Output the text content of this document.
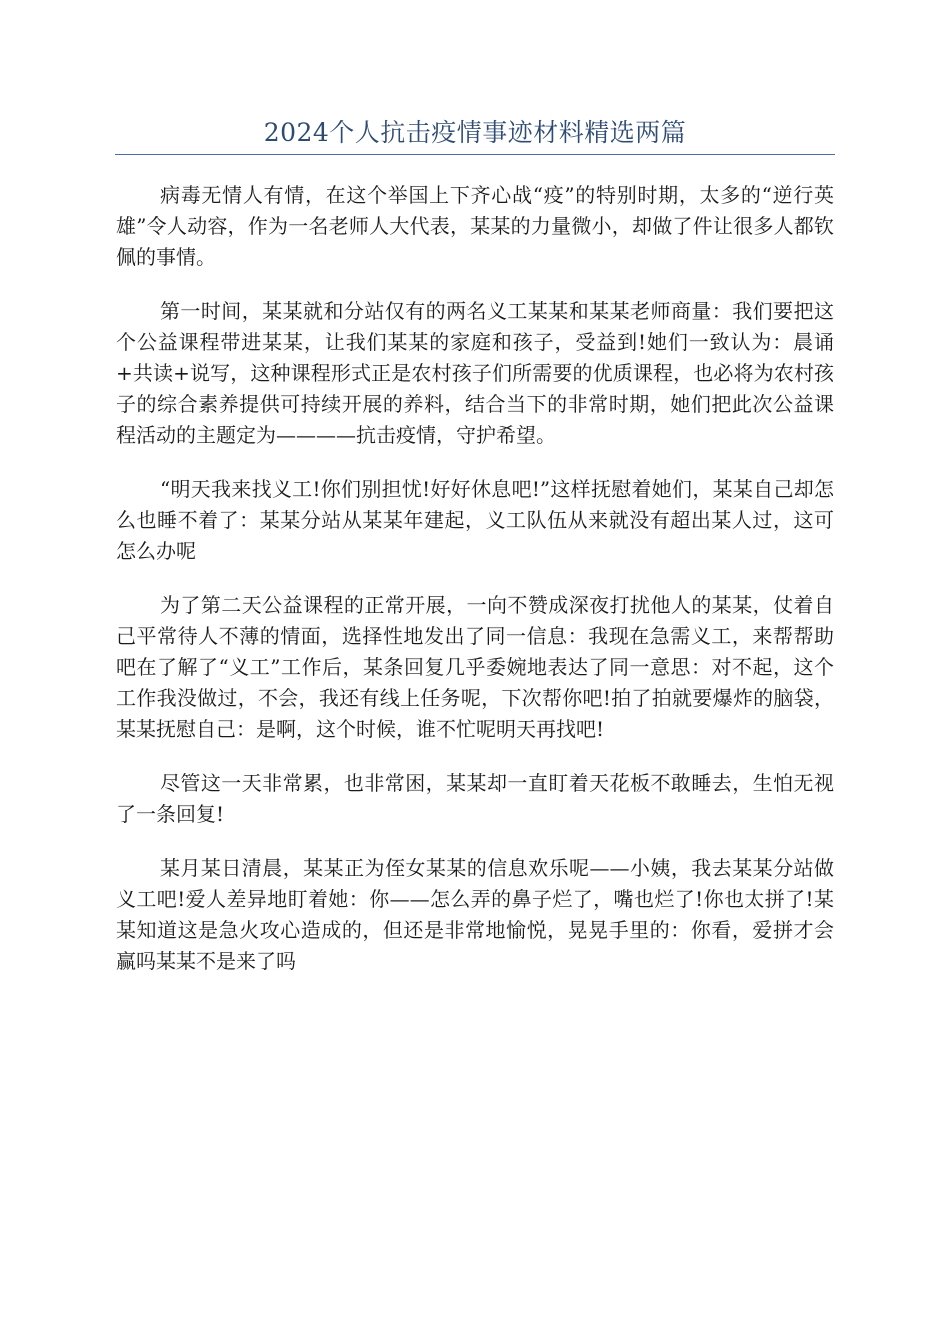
2024个人抗击疫情事迹材料精选两篇

病毒无情人有情，在这个举国上下齐心战“疫”的特别时期，太多的“逆行英雄”令人动容，作为一名老师人大代表，某某的力量微小，却做了件让很多人都钦佩的事情。

第一时间，某某就和分站仅有的两名义工某某和某某老师商量：我们要把这个公益课程带进某某，让我们某某的家庭和孩子，受益到!她们一致认为：晨诵+共读+说写，这种课程形式正是农村孩子们所需要的优质课程，也必将为农村孩子的综合素养提供可持续开展的养料，结合当下的非常时期，她们把此次公益课程活动的主题定为————抗击疫情，守护希望。

“明天我来找义工!你们别担忧!好好休息吧!”这样抚慰着她们，某某自己却怎么也睡不着了：某某分站从某某年建起，义工队伍从来就没有超出某人过，这可怎么办呢

为了第二天公益课程的正常开展，一向不赞成深夜打扰他人的某某，仗着自己平常待人不薄的情面，选择性地发出了同一信息：我现在急需义工，来帮帮助吧在了解了“义工”工作后，某条回复几乎委婉地表达了同一意思：对不起，这个工作我没做过，不会，我还有线上任务呢，下次帮你吧!拍了拍就要爆炸的脑袋，某某抚慰自己：是啊，这个时候，谁不忙呢明天再找吧!

尽管这一天非常累，也非常困，某某却一直盯着天花板不敢睡去，生怕无视了一条回复!

某月某日清晨，某某正为侄女某某的信息欢乐呢——小姨，我去某某分站做义工吧!爱人差异地盯着她：你——怎么弄的鼻子烂了，嘴也烂了!你也太拼了!某某知道这是急火攻心造成的，但还是非常地愉悦，晃晃手里的：你看，爱拼才会赢吗某某不是来了吗
